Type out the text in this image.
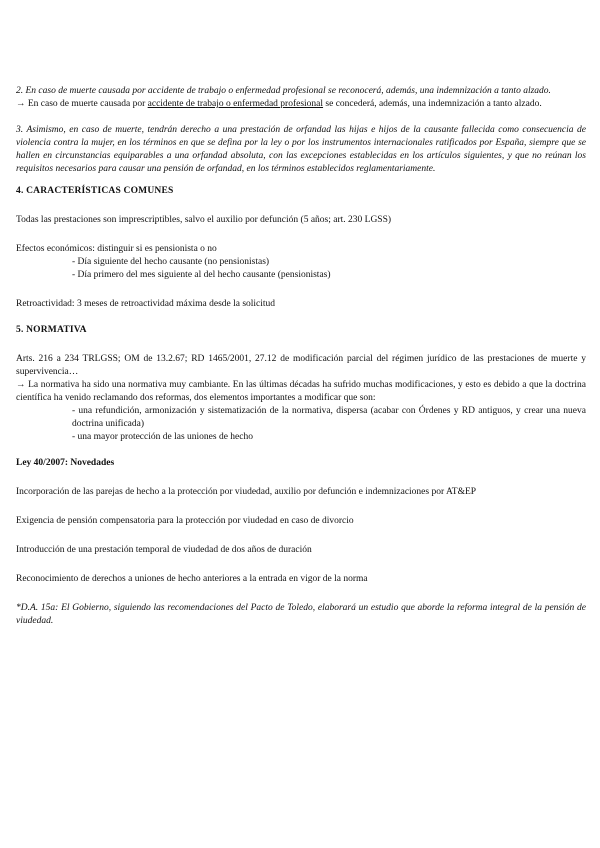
2. En caso de muerte causada por accidente de trabajo o enfermedad profesional se reconocerá, además, una indemnización a tanto alzado.

→ En caso de muerte causada por accidente de trabajo o enfermedad profesional se concederá, además, una indemnización a tanto alzado.

3. Asimismo, en caso de muerte, tendrán derecho a una prestación de orfandad las hijas e hijos de la causante fallecida como consecuencia de violencia contra la mujer, en los términos en que se defina por la ley o por los instrumentos internacionales ratificados por España, siempre que se hallen en circunstancias equiparables a una orfandad absoluta, con las excepciones establecidas en los artículos siguientes, y que no reúnan los requisitos necesarios para causar una pensión de orfandad, en los términos establecidos reglamentariamente.

4. CARACTERÍSTICAS COMUNES

Todas las prestaciones son imprescriptibles, salvo el auxilio por defunción (5 años; art. 230 LGSS)

Efectos económicos: distinguir si es pensionista o no

- Día siguiente del hecho causante (no pensionistas)

- Día primero del mes siguiente al del hecho causante (pensionistas)

Retroactividad: 3 meses de retroactividad máxima desde la solicitud

5. NORMATIVA

Arts. 216 a 234 TRLGSS; OM de 13.2.67; RD 1465/2001, 27.12 de modificación parcial del régimen jurídico de las prestaciones de muerte y supervivencia…

→ La normativa ha sido una normativa muy cambiante. En las últimas décadas ha sufrido muchas modificaciones, y esto es debido a que la doctrina científica ha venido reclamando dos reformas, dos elementos importantes a modificar que son:

- una refundición, armonización y sistematización de la normativa, dispersa (acabar con Órdenes y RD antiguos, y crear una nueva doctrina unificada)

- una mayor protección de las uniones de hecho

Ley 40/2007: Novedades

Incorporación de las parejas de hecho a la protección por viudedad, auxilio por defunción e indemnizaciones por AT&EP

Exigencia de pensión compensatoria para la protección por viudedad en caso de divorcio

Introducción de una prestación temporal de viudedad de dos años de duración

Reconocimiento de derechos a uniones de hecho anteriores a la entrada en vigor de la norma

*D.A. 15a: El Gobierno, siguiendo las recomendaciones del Pacto de Toledo, elaborará un estudio que aborde la reforma integral de la pensión de viudedad.
